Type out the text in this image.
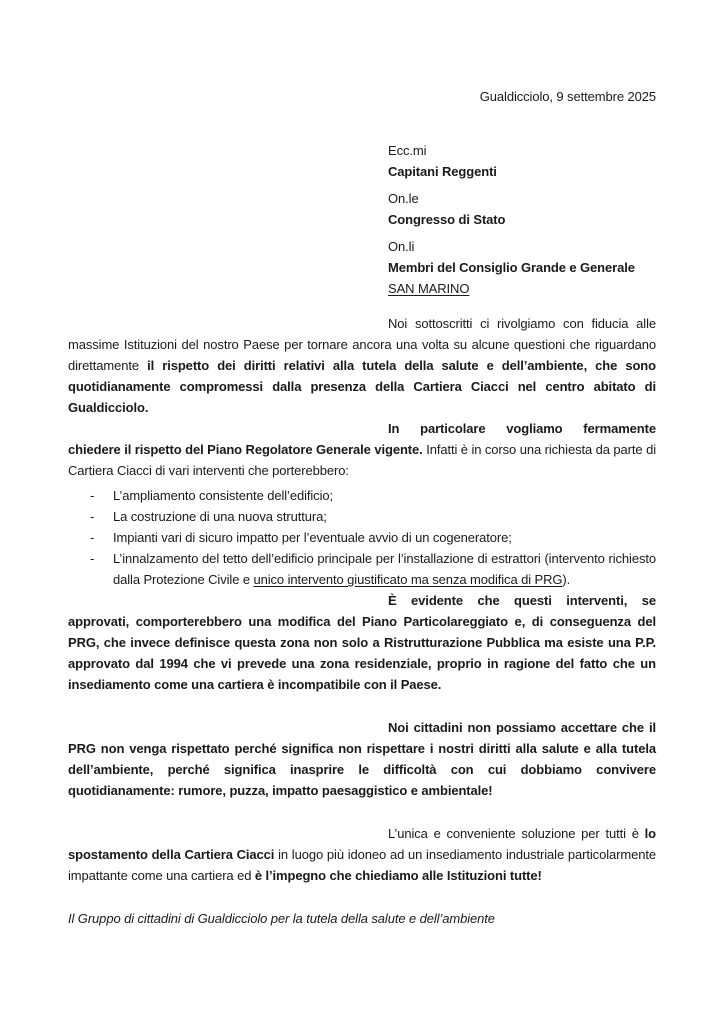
Gualdicciolo, 9 settembre 2025
Ecc.mi
Capitani Reggenti
On.le
Congresso di Stato
On.li
Membri del Consiglio Grande e Generale
SAN MARINO

Noi sottoscritti ci rivolgiamo con fiducia alle massime Istituzioni del nostro Paese per tornare ancora una volta su alcune questioni che riguardano direttamente il rispetto dei diritti relativi alla tutela della salute e dell’ambiente, che sono quotidianamente compromessi dalla presenza della Cartiera Ciacci nel centro abitato di Gualdicciolo.

In particolare vogliamo fermamente chiedere il rispetto del Piano Regolatore Generale vigente. Infatti è in corso una richiesta da parte di Cartiera Ciacci di vari interventi che porterebbero:

-	L’ampliamento consistente dell’edificio;
-	La costruzione di una nuova struttura;
-	Impianti vari di sicuro impatto per l’eventuale avvio di un cogeneratore;
-	L’innalzamento del tetto dell’edificio principale per l’installazione di estrattori (intervento richiesto dalla Protezione Civile e unico intervento giustificato ma senza modifica di PRG).

È evidente che questi interventi, se approvati, comporterebbero una modifica del Piano Particolareggiato e, di conseguenza del PRG, che invece definisce questa zona non solo a Ristrutturazione Pubblica ma esiste una P.P. approvato dal 1994 che vi prevede una zona residenziale, proprio in ragione del fatto che un insediamento come una cartiera è incompatibile con il Paese.

Noi cittadini non possiamo accettare che il PRG non venga rispettato perché significa non rispettare i nostri diritti alla salute e alla tutela dell’ambiente, perché significa inasprire le difficoltà con cui dobbiamo convivere quotidianamente: rumore, puzza, impatto paesaggistico e ambientale!

L’unica e conveniente soluzione per tutti è lo spostamento della Cartiera Ciacci in luogo più idoneo ad un insediamento industriale particolarmente impattante come una cartiera ed è l’impegno che chiediamo alle Istituzioni tutte!

Il Gruppo di cittadini di Gualdicciolo per la tutela della salute e dell’ambiente
